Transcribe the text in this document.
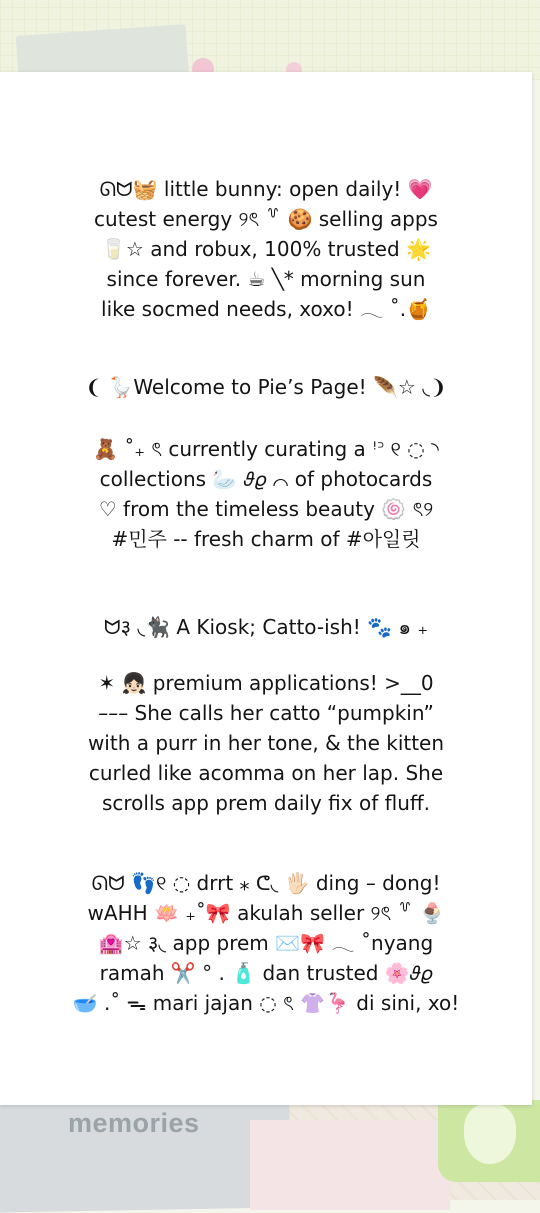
memories
ᘏᗢ🧺 little bunny: open daily! 💗
cutest energy ୨ৎ ꒷ 🍪 selling apps
🥛☆ and robux, 100% trusted 🌟
since forever. ☕ ╲* morning sun
like socmed needs, xoxo! 𓂃 ˚.🍯
❨ 🪿Welcome to Pie’s Page! 🪶☆ ◟❩
🧸 ˚₊ ৎ currently curating a ꜝ꜄ ୧ ◌ ◝
collections 🦢 𝜗𝜚 ⌒ of photocards
♡ from the timeless beauty 🍥 ৎ୨
#민주 -- fresh charm of #아일릿
ᗢ३ ◟🐈‍⬛ A Kiosk; Catto-ish! 🐾 ๑ ₊
✶ 👧🏻 premium applications! >__0
––– She calls her catto “pumpkin”
with a purr in her tone, & the kitten
curled like acomma on her lap. She
scrolls app prem daily fix of fluff.
ᘏᗢ 👣୧ ◌ drrt ⁎ ᕦ◟ 🖐🏻 ding – dong!
wAHH 🪷 ₊˚🎀 akulah seller ୨ৎ ꒷ 🍨
🏩☆ ३◟ app prem ✉️🎀 𓂃 ˚nyang
ramah ✂️ ° . 🧴 dan trusted 🌸𝜗𝜚
🥣 .˚ ᯓ mari jajan ◌ ৎ 👚🦩 di sini, xo!
